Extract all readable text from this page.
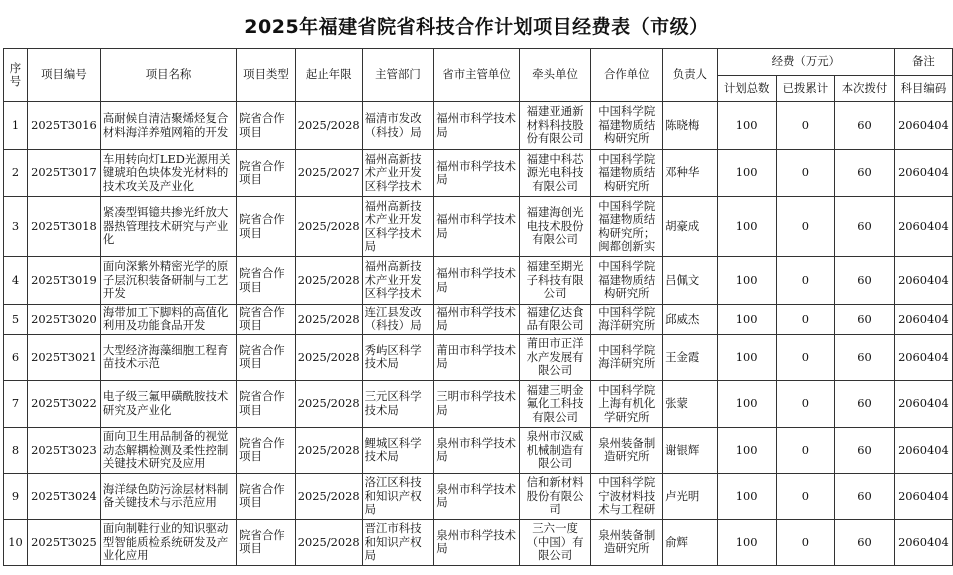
2025年福建省院省科技合作计划项目经费表（市级）
序号	项目编号	项目名称	项目类型	起止年限	主管部门	省市主管单位	牵头单位	合作单位	负责人	经费（万元）			备注
										计划总数	已拨累计	本次拨付	科目编码
1	2025T3016	高耐候自清洁聚烯烃复合材料海洋养殖网箱的开发	院省合作项目	2025/2028	福清市发改（科技）局	福州市科学技术局	福建亚通新材料科技股份有限公司	中国科学院福建物质结构研究所	陈晓梅	100	0	60	2060404
2	2025T3017	车用转向灯LED光源用关键琥珀色块体发光材料的技术攻关及产业化	院省合作项目	2025/2027	福州高新技术产业开发区科学技术	福州市科学技术局	福建中科芯源光电科技有限公司	中国科学院福建物质结构研究所	邓种华	100	0	60	2060404
3	2025T3018	紧凑型铒镱共掺光纤放大器热管理技术研究与产业化	院省合作项目	2025/2028	福州高新技术产业开发区科学技术局	福州市科学技术局	福建海创光电技术股份有限公司	中国科学院福建物质结构研究所；闽都创新实	胡豪成	100	0	60	2060404
4	2025T3019	面向深紫外精密光学的原子层沉积装备研制与工艺开发	院省合作项目	2025/2028	福州高新技术产业开发区科学技术	福州市科学技术局	福建至期光子科技有限公司	中国科学院福建物质结构研究所	吕佩文	100	0	60	2060404
5	2025T3020	海带加工下脚料的高值化利用及功能食品开发	院省合作项目	2025/2028	连江县发改（科技）局	福州市科学技术局	福建亿达食品有限公司	中国科学院海洋研究所	邱威杰	100	0	60	2060404
6	2025T3021	大型经济海藻细胞工程育苗技术示范	院省合作项目	2025/2028	秀屿区科学技术局	莆田市科学技术局	莆田市正洋水产发展有限公司	中国科学院海洋研究所	王金霞	100	0	60	2060404
7	2025T3022	电子级三氟甲磺酰胺技术研究及产业化	院省合作项目	2025/2028	三元区科学技术局	三明市科学技术局	福建三明金氟化工科技有限公司	中国科学院上海有机化学研究所	张蒙	100	0	60	2060404
8	2025T3023	面向卫生用品制备的视觉动态解耦检测及柔性控制关键技术研究及应用	院省合作项目	2025/2028	鲤城区科学技术局	泉州市科学技术局	泉州市汉威机械制造有限公司	泉州装备制造研究所	谢银辉	100	0	60	2060404
9	2025T3024	海洋绿色防污涂层材料制备关键技术与示范应用	院省合作项目	2025/2028	洛江区科技和知识产权局	泉州市科学技术局	信和新材料股份有限公司	中国科学院宁波材料技术与工程研	卢光明	100	0	60	2060404
10	2025T3025	面向制鞋行业的知识驱动型智能质检系统研发及产业化应用	院省合作项目	2025/2028	晋江市科技和知识产权局	泉州市科学技术局	三六一度（中国）有限公司	泉州装备制造研究所	俞辉	100	0	60	2060404
